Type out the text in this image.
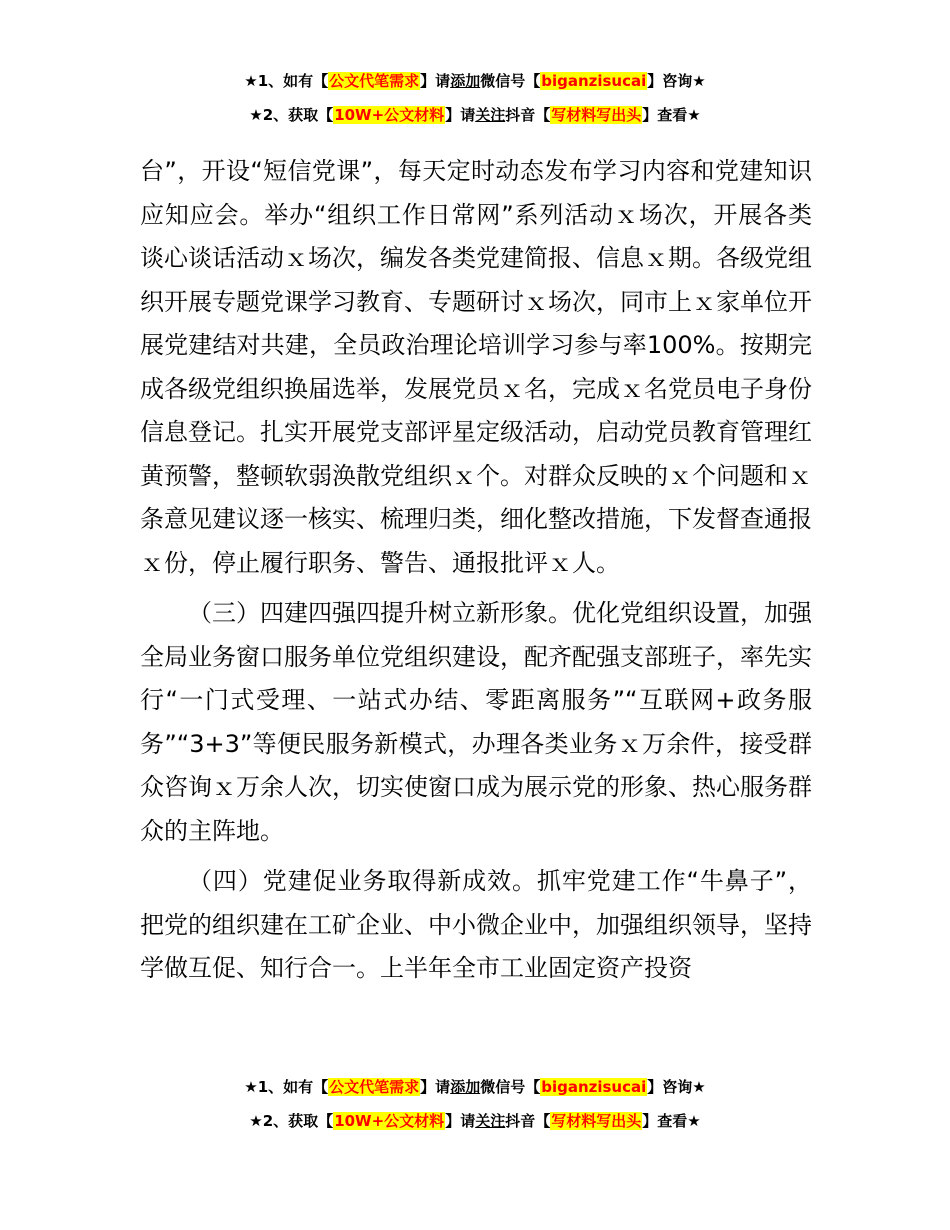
★1、如有【公文代笔需求】请添加微信号【biganzisucai】咨询★
★2、获取【10W+公文材料】请关注抖音【写材料写出头】查看★

台”，开设“短信党课”，每天定时动态发布学习内容和党建知识应知应会。举办“组织工作日常网”系列活动ｘ场次，开展各类谈心谈话活动ｘ场次，编发各类党建简报、信息ｘ期。各级党组织开展专题党课学习教育、专题研讨ｘ场次，同市上ｘ家单位开展党建结对共建，全员政治理论培训学习参与率100%。按期完成各级党组织换届选举，发展党员ｘ名，完成ｘ名党员电子身份信息登记。扎实开展党支部评星定级活动，启动党员教育管理红黄预警，整顿软弱涣散党组织ｘ个。对群众反映的ｘ个问题和ｘ条意见建议逐一核实、梳理归类，细化整改措施，下发督查通报ｘ份，停止履行职务、警告、通报批评ｘ人。

（三）四建四强四提升树立新形象。优化党组织设置，加强全局业务窗口服务单位党组织建设，配齐配强支部班子，率先实行“一门式受理、一站式办结、零距离服务”“互联网+政务服务”“3+3”等便民服务新模式，办理各类业务ｘ万余件，接受群众咨询ｘ万余人次，切实使窗口成为展示党的形象、热心服务群众的主阵地。

（四）党建促业务取得新成效。抓牢党建工作“牛鼻子”，把党的组织建在工矿企业、中小微企业中，加强组织领导，坚持学做互促、知行合一。上半年全市工业固定资产投资

★1、如有【公文代笔需求】请添加微信号【biganzisucai】咨询★
★2、获取【10W+公文材料】请关注抖音【写材料写出头】查看★
